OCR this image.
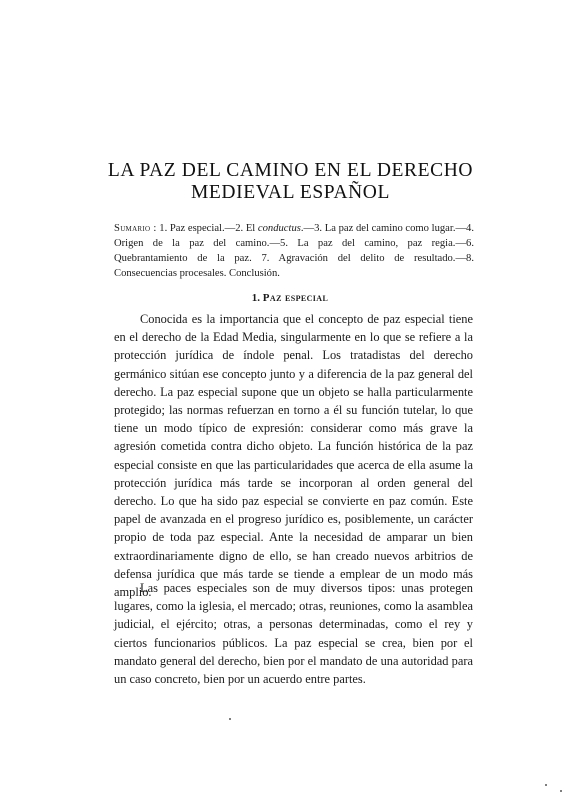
LA PAZ DEL CAMINO EN EL DERECHO
MEDIEVAL ESPAÑOL

Sumario : 1. Paz especial.—2. El conductus.—3. La paz del camino como lugar.—4. Origen de la paz del camino.—5. La paz del camino, paz regia.—6. Quebrantamiento de la paz. 7. Agravación del delito de resultado.—8. Consecuencias procesales. Conclusión.

1. Paz especial

Conocida es la importancia que el concepto de paz especial tiene en el derecho de la Edad Media, singularmente en lo que se refiere a la protección jurídica de índole penal. Los tratadistas del derecho germánico sitúan ese concepto junto y a diferencia de la paz general del derecho. La paz especial supone que un objeto se halla particularmente protegido; las normas refuerzan en torno a él su función tutelar, lo que tiene un modo típico de expresión: considerar como más grave la agresión cometida contra dicho objeto. La función histórica de la paz especial consiste en que las particularidades que acerca de ella asume la protección jurídica más tarde se incorporan al orden general del derecho. Lo que ha sido paz especial se convierte en paz común. Este papel de avanzada en el progreso jurídico es, posiblemente, un carácter propio de toda paz especial. Ante la necesidad de amparar un bien extraordinariamente digno de ello, se han creado nuevos arbitrios de defensa jurídica que más tarde se tiende a emplear de un modo más amplio.

Las paces especiales son de muy diversos tipos: unas protegen lugares, como la iglesia, el mercado; otras, reuniones, como la asamblea judicial, el ejército; otras, a personas determinadas, como el rey y ciertos funcionarios públicos. La paz especial se crea, bien por el mandato general del derecho, bien por el mandato de una autoridad para un caso concreto, bien por un acuerdo entre partes.
